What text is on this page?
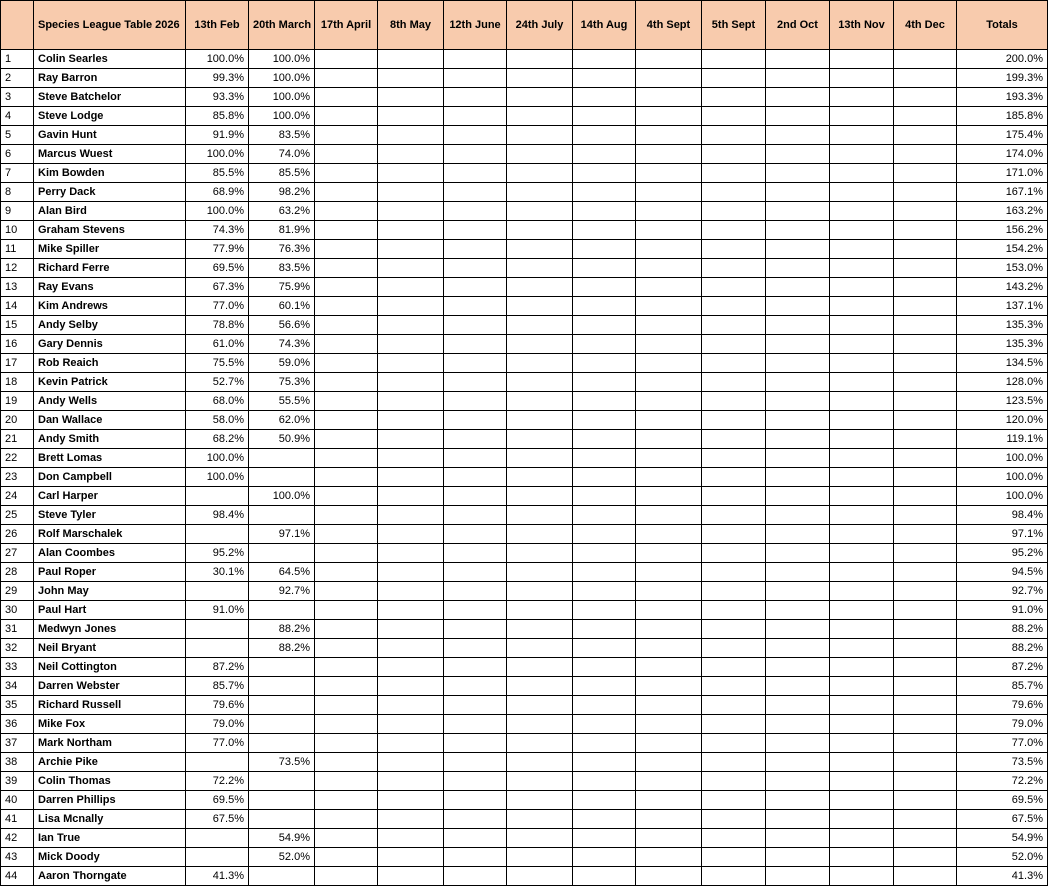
	Species League Table 2026	13th Feb	20th March	17th April	8th May	12th June	24th July	14th Aug	4th Sept	5th Sept	2nd Oct	13th Nov	4th Dec	Totals
1	Colin Searles	100.0%	100.0%											200.0%
2	Ray Barron	99.3%	100.0%											199.3%
3	Steve Batchelor	93.3%	100.0%											193.3%
4	Steve Lodge	85.8%	100.0%											185.8%
5	Gavin Hunt	91.9%	83.5%											175.4%
6	Marcus Wuest	100.0%	74.0%											174.0%
7	Kim Bowden	85.5%	85.5%											171.0%
8	Perry Dack	68.9%	98.2%											167.1%
9	Alan Bird	100.0%	63.2%											163.2%
10	Graham Stevens	74.3%	81.9%											156.2%
11	Mike Spiller	77.9%	76.3%											154.2%
12	Richard Ferre	69.5%	83.5%											153.0%
13	Ray Evans	67.3%	75.9%											143.2%
14	Kim Andrews	77.0%	60.1%											137.1%
15	Andy Selby	78.8%	56.6%											135.3%
16	Gary Dennis	61.0%	74.3%											135.3%
17	Rob Reaich	75.5%	59.0%											134.5%
18	Kevin Patrick	52.7%	75.3%											128.0%
19	Andy Wells	68.0%	55.5%											123.5%
20	Dan Wallace	58.0%	62.0%											120.0%
21	Andy Smith	68.2%	50.9%											119.1%
22	Brett Lomas	100.0%												100.0%
23	Don Campbell	100.0%												100.0%
24	Carl Harper		100.0%											100.0%
25	Steve Tyler	98.4%												98.4%
26	Rolf Marschalek		97.1%											97.1%
27	Alan Coombes	95.2%												95.2%
28	Paul Roper	30.1%	64.5%											94.5%
29	John May		92.7%											92.7%
30	Paul Hart	91.0%												91.0%
31	Medwyn Jones		88.2%											88.2%
32	Neil Bryant		88.2%											88.2%
33	Neil Cottington	87.2%												87.2%
34	Darren Webster	85.7%												85.7%
35	Richard Russell	79.6%												79.6%
36	Mike Fox	79.0%												79.0%
37	Mark Northam	77.0%												77.0%
38	Archie Pike		73.5%											73.5%
39	Colin Thomas	72.2%												72.2%
40	Darren Phillips	69.5%												69.5%
41	Lisa Mcnally	67.5%												67.5%
42	Ian True		54.9%											54.9%
43	Mick Doody		52.0%											52.0%
44	Aaron Thorngate	41.3%												41.3%
